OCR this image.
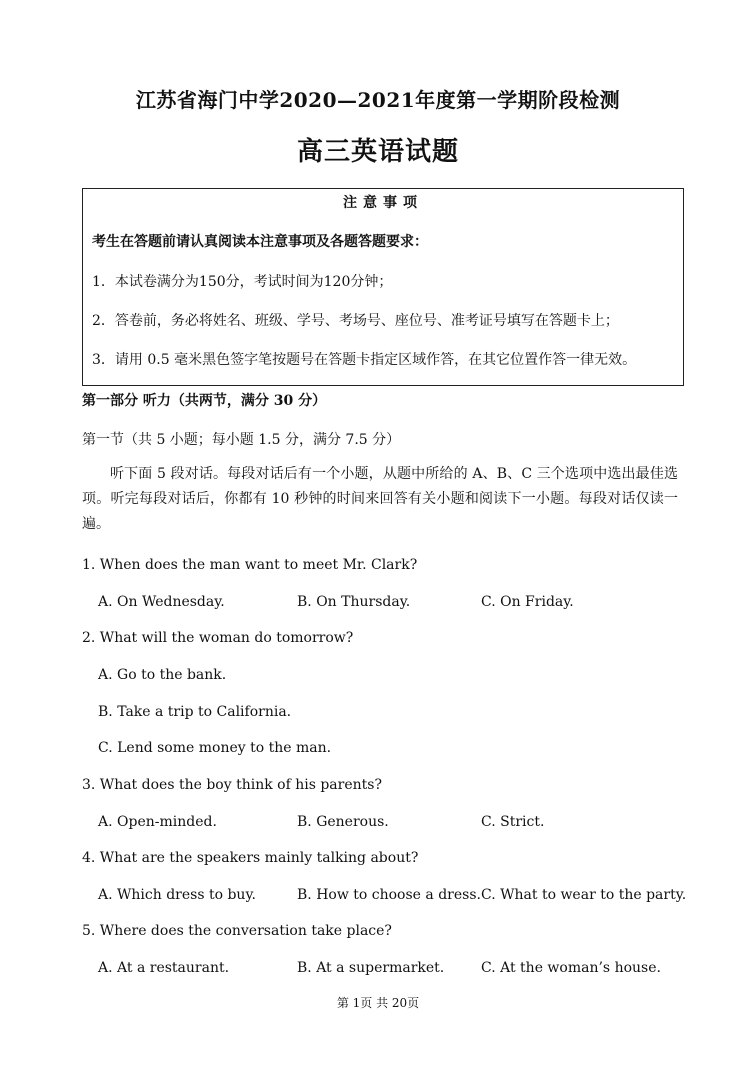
江苏省海门中学2020—2021年度第一学期阶段检测
高三英语试题
注意事项
考生在答题前请认真阅读本注意事项及各题答题要求：
1．本试卷满分为150分，考试时间为120分钟；
2．答卷前，务必将姓名、班级、学号、考场号、座位号、准考证号填写在答题卡上；
3．请用 0.5 毫米黑色签字笔按题号在答题卡指定区域作答，在其它位置作答一律无效。
第一部分 听力（共两节，满分 30 分）
第一节（共 5 小题；每小题 1.5 分，满分 7.5 分）
听下面 5 段对话。每段对话后有一个小题，从题中所给的 A、B、C 三个选项中选出最佳选项。听完每段对话后，你都有 10 秒钟的时间来回答有关小题和阅读下一小题。每段对话仅读一遍。
1. When does the man want to meet Mr. Clark?
A. On Wednesday.	B. On Thursday.	C. On Friday.
2. What will the woman do tomorrow?
A. Go to the bank.
B. Take a trip to California.
C. Lend some money to the man.
3. What does the boy think of his parents?
A. Open-minded.	B. Generous.	C. Strict.
4. What are the speakers mainly talking about?
A. Which dress to buy.	B. How to choose a dress. C. What to wear to the party.
5. Where does the conversation take place?
A. At a restaurant.	B. At a supermarket.	C. At the woman’s house.
第 1页 共 20页
